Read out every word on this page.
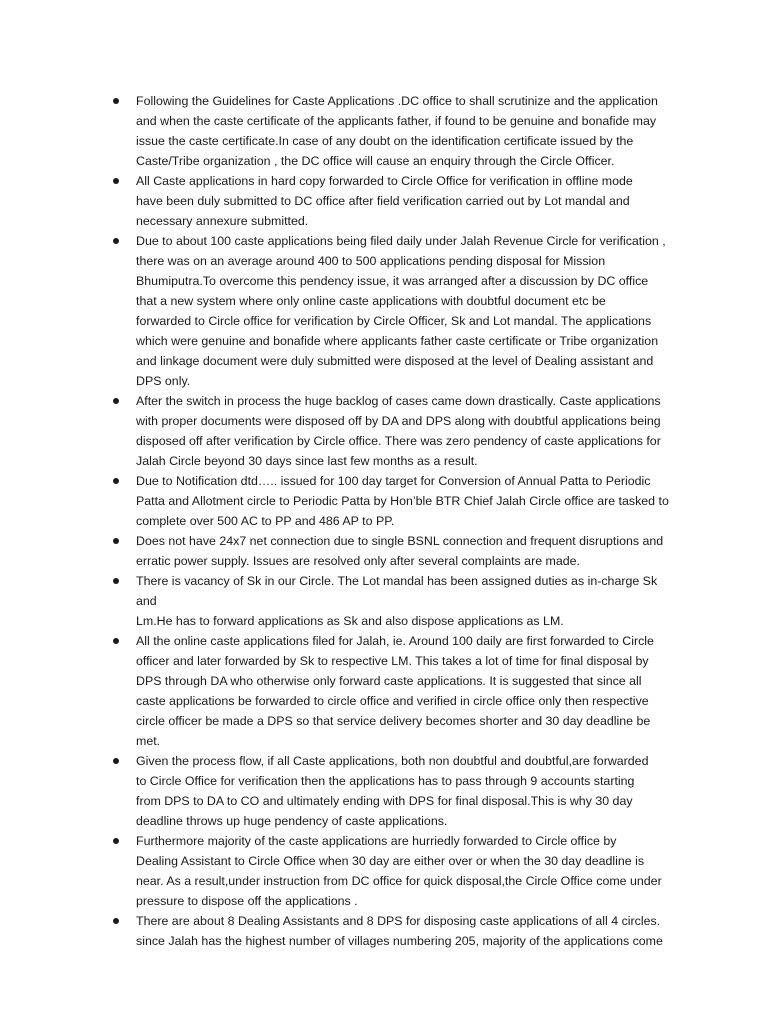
Following the Guidelines for Caste Applications .DC office to shall scrutinize and the application
and when the caste certificate of the applicants father, if found to be genuine and bonafide may
issue the caste certificate.In case of any doubt on the identification certificate issued by the
Caste/Tribe organization , the DC office will cause an enquiry through the Circle Officer.
All Caste applications in hard copy forwarded to Circle Office for verification in offline mode
have been duly submitted to DC office after field verification carried out by Lot mandal and
necessary annexure submitted.
Due to about 100 caste applications being filed daily under Jalah Revenue Circle for verification ,
there was on an average around 400 to 500 applications pending disposal for Mission
Bhumiputra.To overcome this pendency issue, it was arranged after a discussion by DC office
that a new system where only online caste applications with doubtful document etc be
forwarded to Circle office for verification by Circle Officer, Sk and Lot mandal. The applications
which were genuine and bonafide where applicants father caste certificate or Tribe organization
and linkage document were duly submitted were disposed at the level of Dealing assistant and
DPS only.
After the switch in process the huge backlog of cases came down drastically. Caste applications
with proper documents were disposed off by DA and DPS along with doubtful applications being
disposed off after verification by Circle office. There was zero pendency of caste applications for
Jalah Circle beyond 30 days since last few months as a result.
Due to Notification dtd….. issued for 100 day target for Conversion of Annual Patta to Periodic
Patta and Allotment circle to Periodic Patta by Hon’ble BTR Chief Jalah Circle office are tasked to
complete over 500 AC to PP and 486 AP to PP.
Does not have 24x7 net connection due to single BSNL connection and frequent disruptions and
erratic power supply. Issues are resolved only after several complaints are made.
There is vacancy of Sk in our Circle. The Lot mandal has been assigned duties as in-charge Sk and
Lm.He has to forward applications as Sk and also dispose applications as LM.
All the online caste applications filed for Jalah, ie. Around 100 daily are first forwarded to Circle
officer and later forwarded by Sk to respective LM. This takes a lot of time for final disposal by
DPS through DA who otherwise only forward caste applications. It is suggested that since all
caste applications be forwarded to circle office and verified in circle office only then respective
circle officer be made a DPS so that service delivery becomes shorter and 30 day deadline be
met.
Given the process flow, if all Caste applications, both non doubtful and doubtful,are forwarded
to Circle Office for verification then the applications has to pass through 9 accounts starting
from DPS to DA to CO and ultimately ending with DPS for final disposal.This is why 30 day
deadline throws up huge pendency of caste applications.
Furthermore majority of the caste applications are hurriedly forwarded to Circle office by
Dealing Assistant to Circle Office when 30 day are either over or when the 30 day deadline is
near. As a result,under instruction from DC office for quick disposal,the Circle Office come under
pressure to dispose off the applications .
There are about 8 Dealing Assistants and 8 DPS for disposing caste applications of all 4 circles.
since Jalah has the highest number of villages numbering 205, majority of the applications come
